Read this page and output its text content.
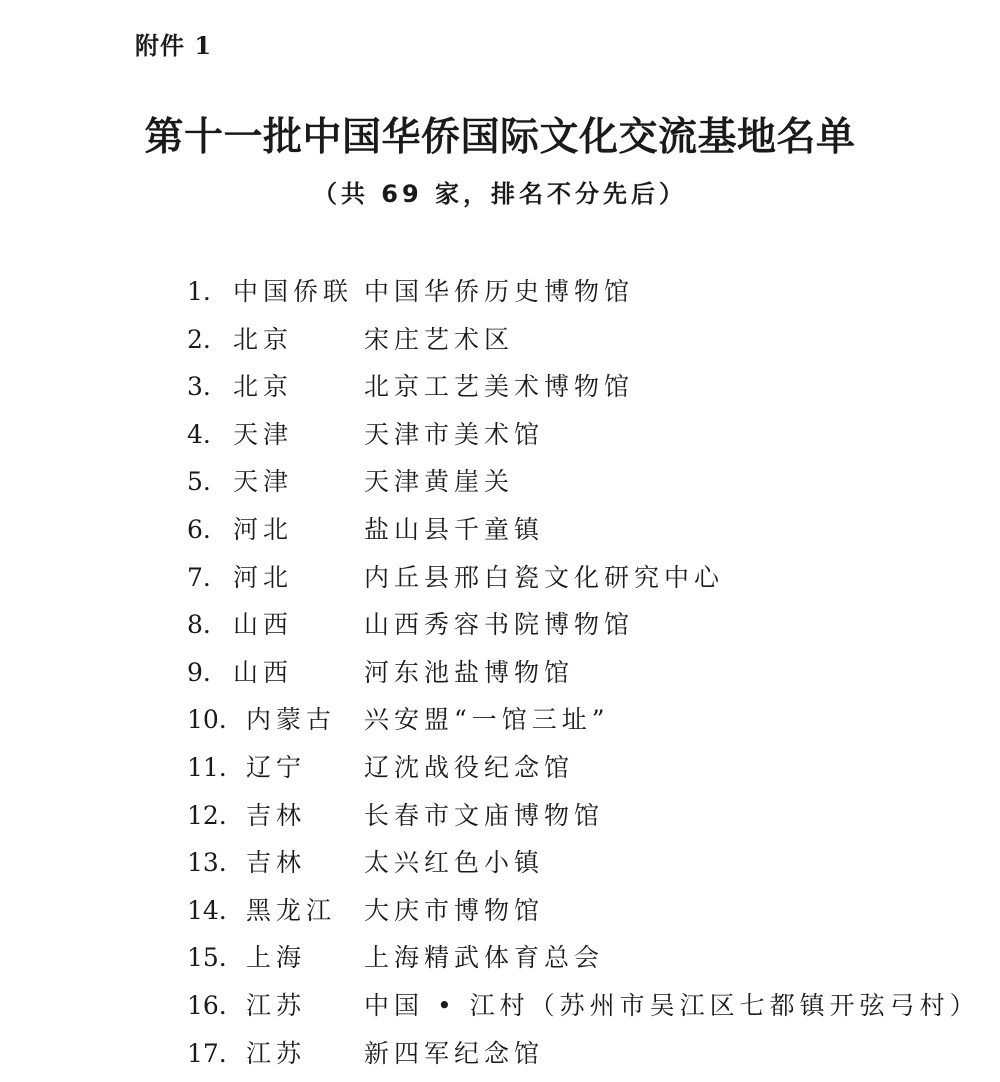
附件 1
第十一批中国华侨国际文化交流基地名单
（共 69 家，排名不分先后）
1. 中国侨联 中国华侨历史博物馆
2. 北京	宋庄艺术区
3. 北京	北京工艺美术博物馆
4. 天津	天津市美术馆
5. 天津	天津黄崖关
6. 河北	盐山县千童镇
7. 河北	内丘县邢白瓷文化研究中心
8. 山西	山西秀容书院博物馆
9. 山西	河东池盐博物馆
10. 内蒙古 兴安盟“一馆三址”
11. 辽宁 辽沈战役纪念馆
12. 吉林 长春市文庙博物馆
13. 吉林 太兴红色小镇
14. 黑龙江 大庆市博物馆
15. 上海 上海精武体育总会
16. 江苏 中国 • 江村（苏州市吴江区七都镇开弦弓村）
17. 江苏 新四军纪念馆
